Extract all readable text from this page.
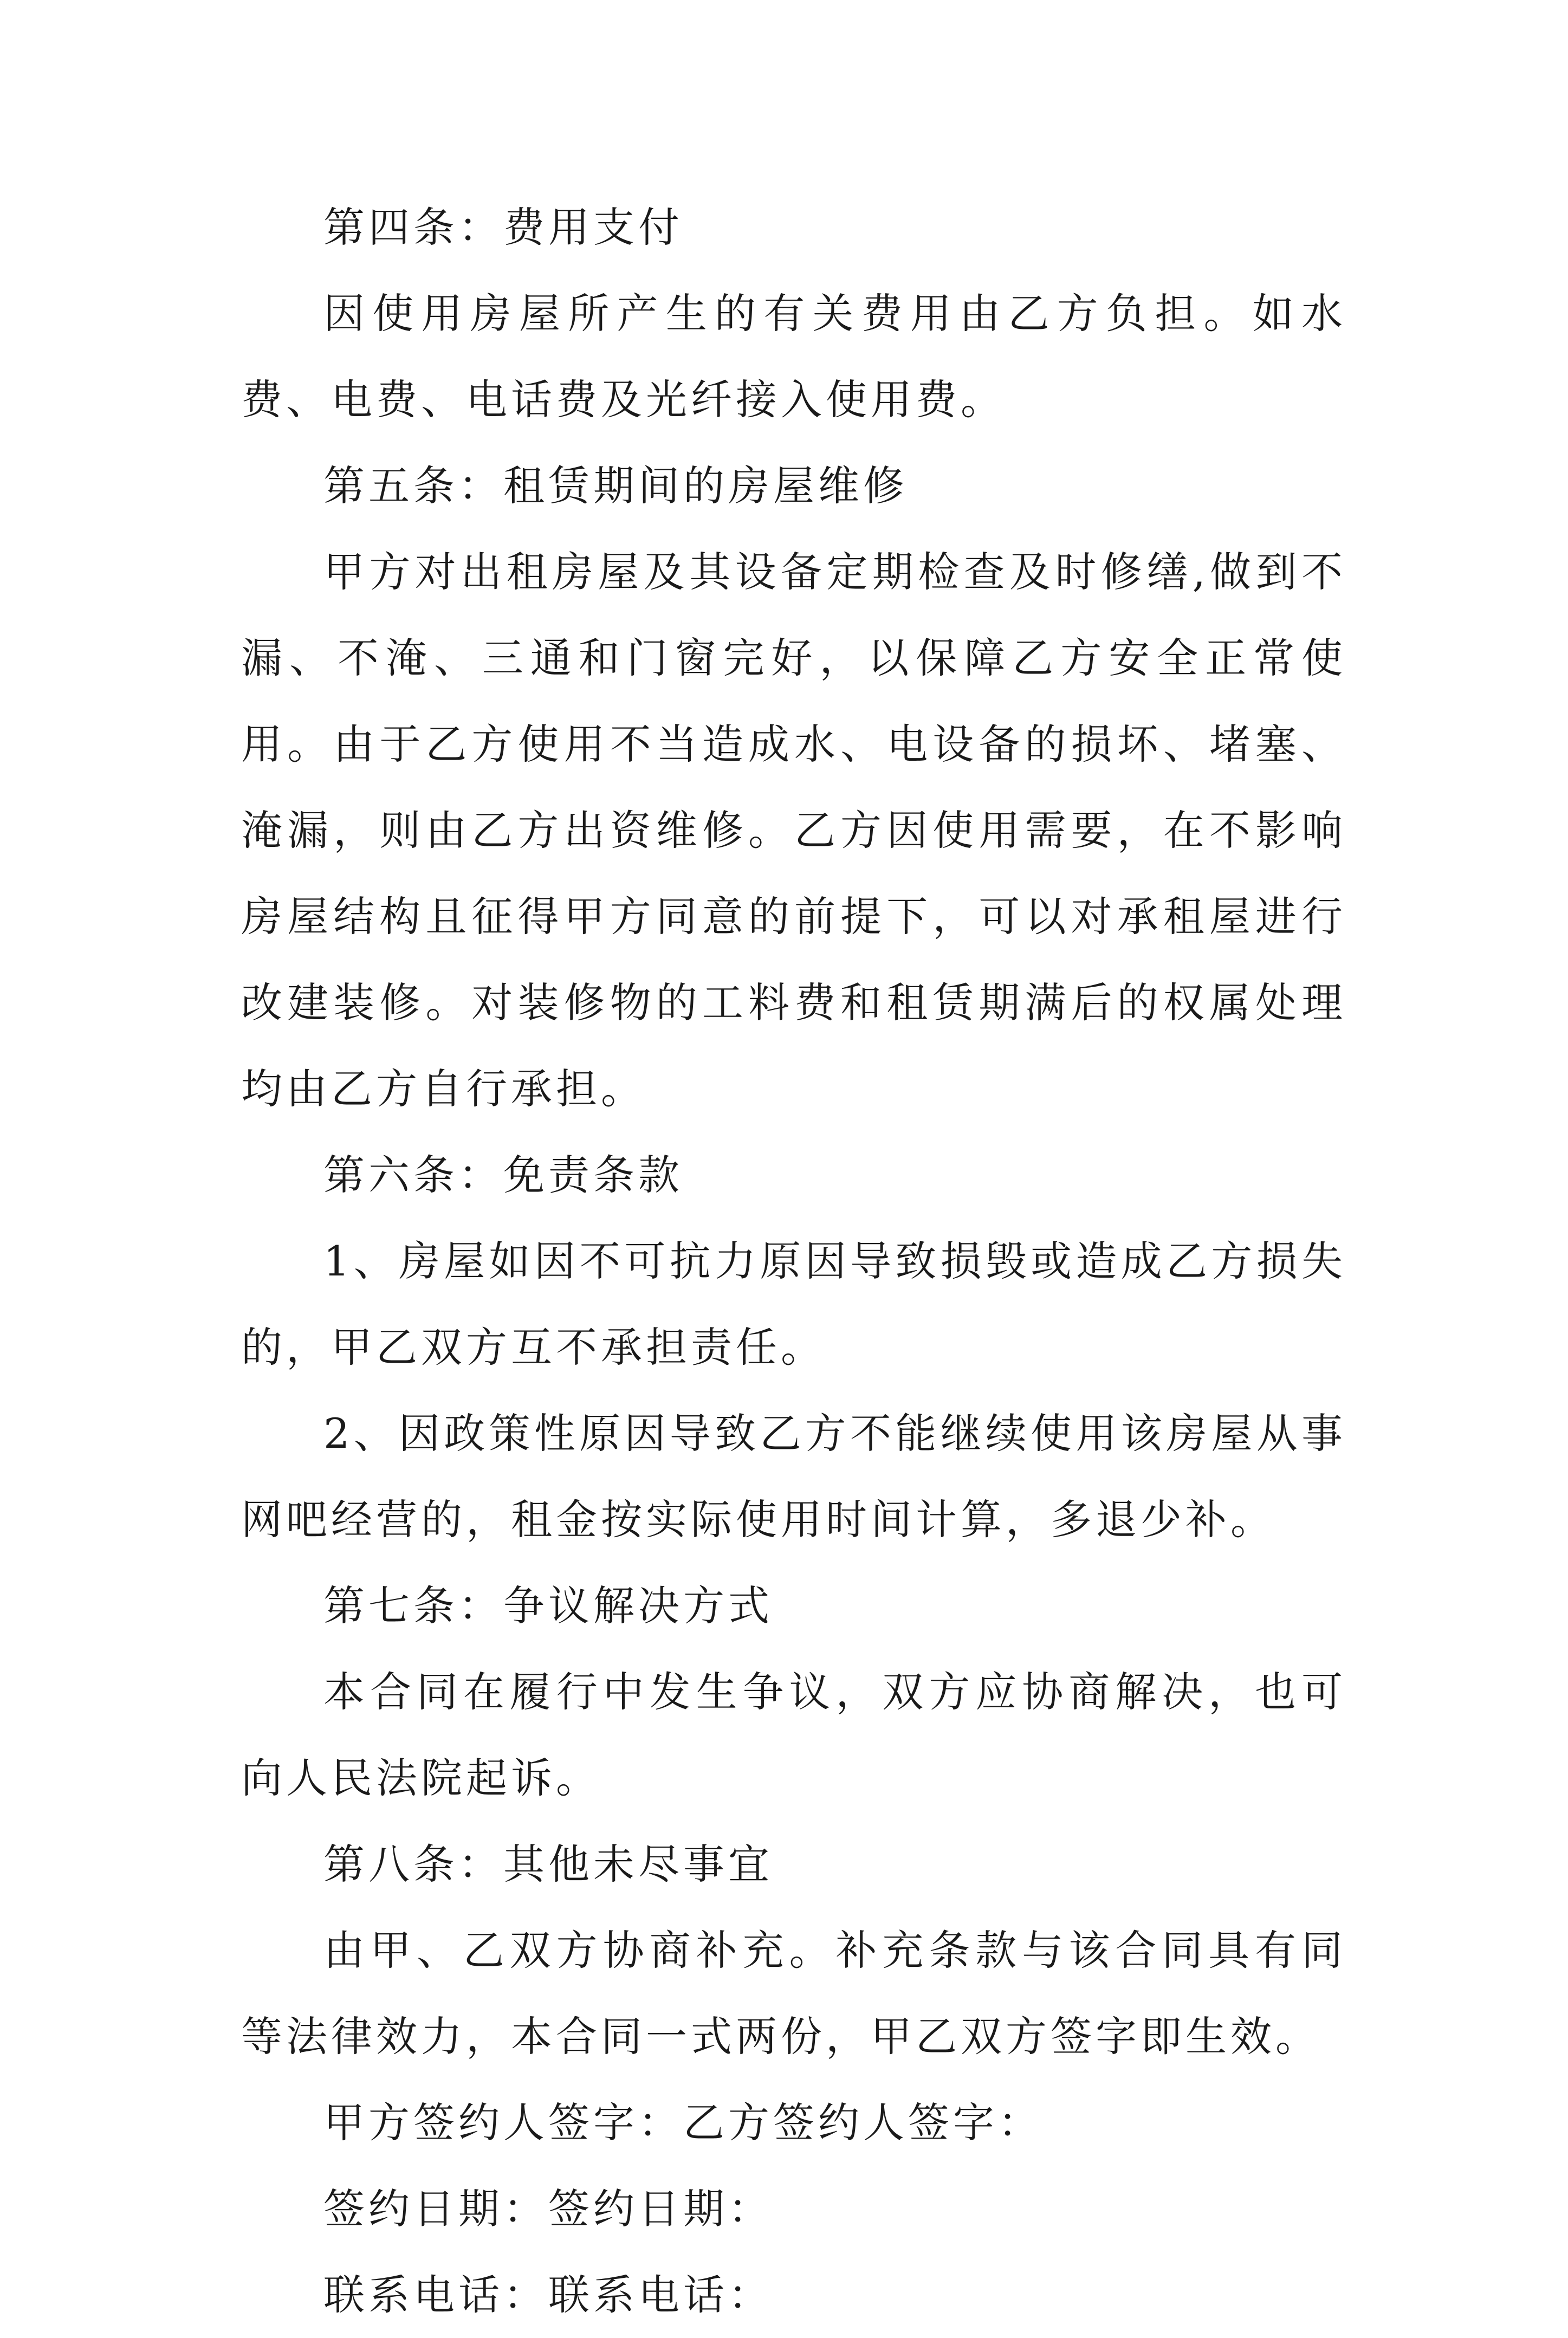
第四条：费用支付

因使用房屋所产生的有关费用由乙方负担。如水费、电费、电话费及光纤接入使用费。

第五条：租赁期间的房屋维修

甲方对出租房屋及其设备定期检查及时修缮,做到不漏、不淹、三通和门窗完好，以保障乙方安全正常使用。由于乙方使用不当造成水、电设备的损坏、堵塞、淹漏，则由乙方出资维修。乙方因使用需要，在不影响房屋结构且征得甲方同意的前提下，可以对承租屋进行改建装修。对装修物的工料费和租赁期满后的权属处理均由乙方自行承担。

第六条：免责条款

1、房屋如因不可抗力原因导致损毁或造成乙方损失的，甲乙双方互不承担责任。

2、因政策性原因导致乙方不能继续使用该房屋从事网吧经营的，租金按实际使用时间计算，多退少补。

第七条：争议解决方式

本合同在履行中发生争议，双方应协商解决，也可向人民法院起诉。

第八条：其他未尽事宜

由甲、乙双方协商补充。补充条款与该合同具有同等法律效力，本合同一式两份，甲乙双方签字即生效。

甲方签约人签字：乙方签约人签字：

签约日期：签约日期：

联系电话：联系电话：
